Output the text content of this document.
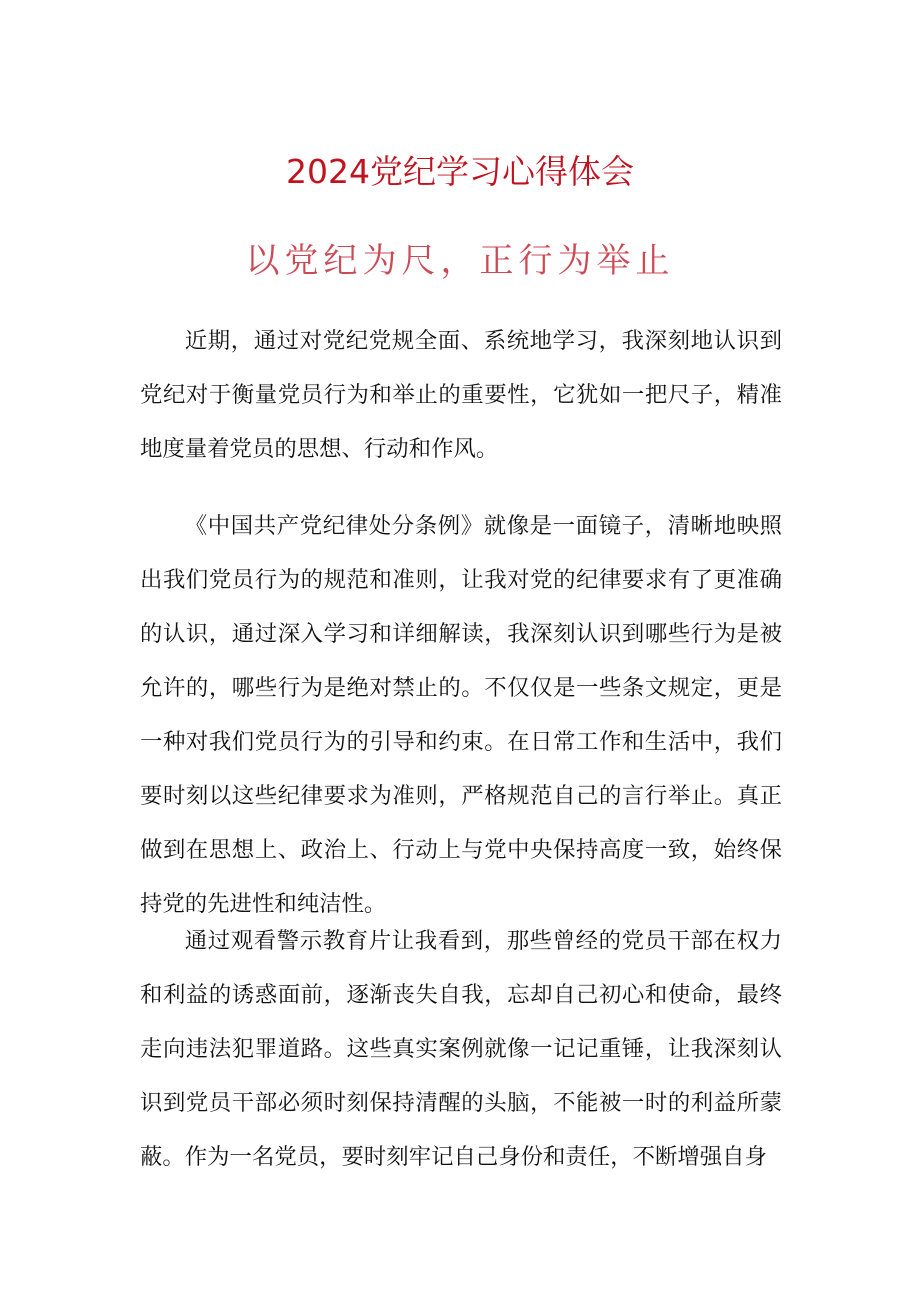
2024党纪学习心得体会
以党纪为尺，正行为举止

近期，通过对党纪党规全面、系统地学习，我深刻地认识到党纪对于衡量党员行为和举止的重要性，它犹如一把尺子，精准地度量着党员的思想、行动和作风。

《中国共产党纪律处分条例》就像是一面镜子，清晰地映照出我们党员行为的规范和准则，让我对党的纪律要求有了更准确的认识，通过深入学习和详细解读，我深刻认识到哪些行为是被允许的，哪些行为是绝对禁止的。不仅仅是一些条文规定，更是一种对我们党员行为的引导和约束。在日常工作和生活中，我们要时刻以这些纪律要求为准则，严格规范自己的言行举止。真正做到在思想上、政治上、行动上与党中央保持高度一致，始终保持党的先进性和纯洁性。

通过观看警示教育片让我看到，那些曾经的党员干部在权力和利益的诱惑面前，逐渐丧失自我，忘却自己初心和使命，最终走向违法犯罪道路。这些真实案例就像一记记重锤，让我深刻认识到党员干部必须时刻保持清醒的头脑，不能被一时的利益所蒙蔽。作为一名党员，要时刻牢记自己身份和责任，不断增强自身
